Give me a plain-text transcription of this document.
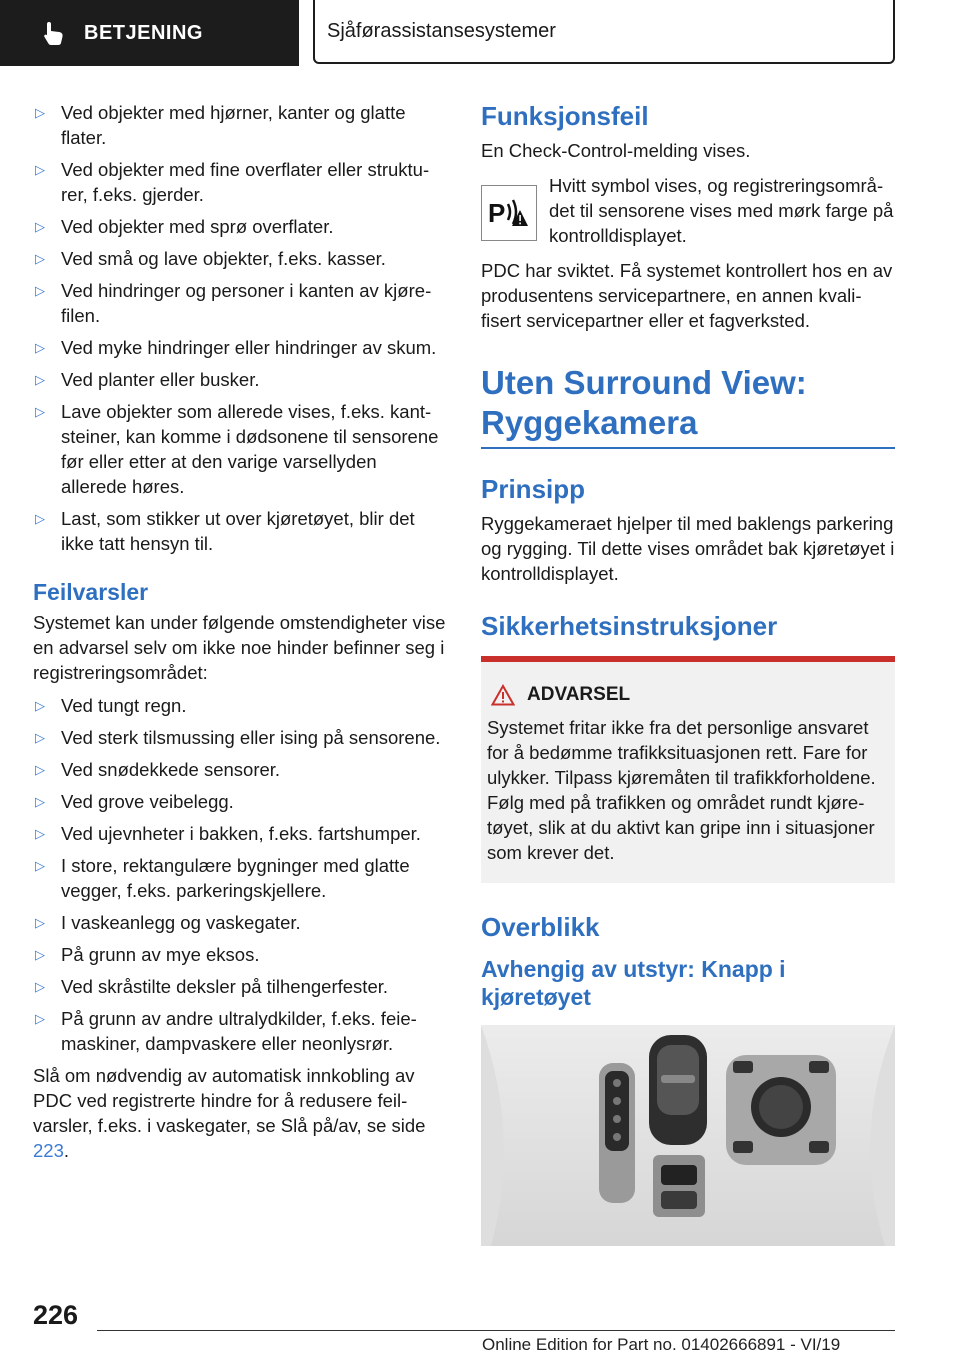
BETJENING	Sjåførassistansesystemer
▷ Ved objekter med hjørner, kanter og glatte flater.
▷ Ved objekter med fine overflater eller strukturer, f.eks. gjerder.
▷ Ved objekter med sprø overflater.
▷ Ved små og lave objekter, f.eks. kasser.
▷ Ved hindringer og personer i kanten av kjørefilen.
▷ Ved myke hindringer eller hindringer av skum.
▷ Ved planter eller busker.
▷ Lave objekter som allerede vises, f.eks. kantsteiner, kan komme i dødsonene til sensorene før eller etter at den varige varsellyden allerede høres.
▷ Last, som stikker ut over kjøretøyet, blir det ikke tatt hensyn til.
Feilvarsler

Systemet kan under følgende omstendigheter vise en advarsel selv om ikke noe hinder befinner seg i registreringsområdet:

▷ Ved tungt regn.
▷ Ved sterk tilsmussing eller ising på sensorene.
▷ Ved snødekkede sensorer.
▷ Ved grove veibelegg.
▷ Ved ujevnheter i bakken, f.eks. fartshumper.
▷ I store, rektangulære bygninger med glatte vegger, f.eks. parkeringskjellere.
▷ I vaskeanlegg og vaskegater.
▷ På grunn av mye eksos.
▷ Ved skråstilte deksler på tilhengerfester.
▷ På grunn av andre ultralydkilder, f.eks. feiemaskiner, dampvaskere eller neonlysrør.

Slå om nødvendig av automatisk innkobling av PDC ved registrerte hindre for å redusere feilvarsler, f.eks. i vaskegater, se Slå på/av, se side 223.

Funksjonsfeil

En Check-Control-melding vises.

P

Hvitt symbol vises, og registreringsområdet til sensorene vises med mørk farge på kontrolldisplayet.

PDC har sviktet. Få systemet kontrollert hos en av produsentens servicepartnere, en annen kvalifisert servicepartner eller et fagverksted.

Uten Surround View:
Ryggekamera
Prinsipp

Ryggekameraet hjelper til med baklengs parkering og rygging. Til dette vises området bak kjøretøyet i kontrolldisplayet.

Sikkerhetsinstruksjoner
ADVARSEL

Systemet fritar ikke fra det personlige ansvaret for å bedømme trafikksituasjonen rett. Fare for ulykker. Tilpass kjøremåten til trafikkforholdene. Følg med på trafikken og området rundt kjøretøyet, slik at du aktivt kan gripe inn i situasjoner som krever det.

Overblikk
Avhengig av utstyr: Knapp i kjøretøyet
226
Online Edition for Part no. 01402666891 - VI/19
